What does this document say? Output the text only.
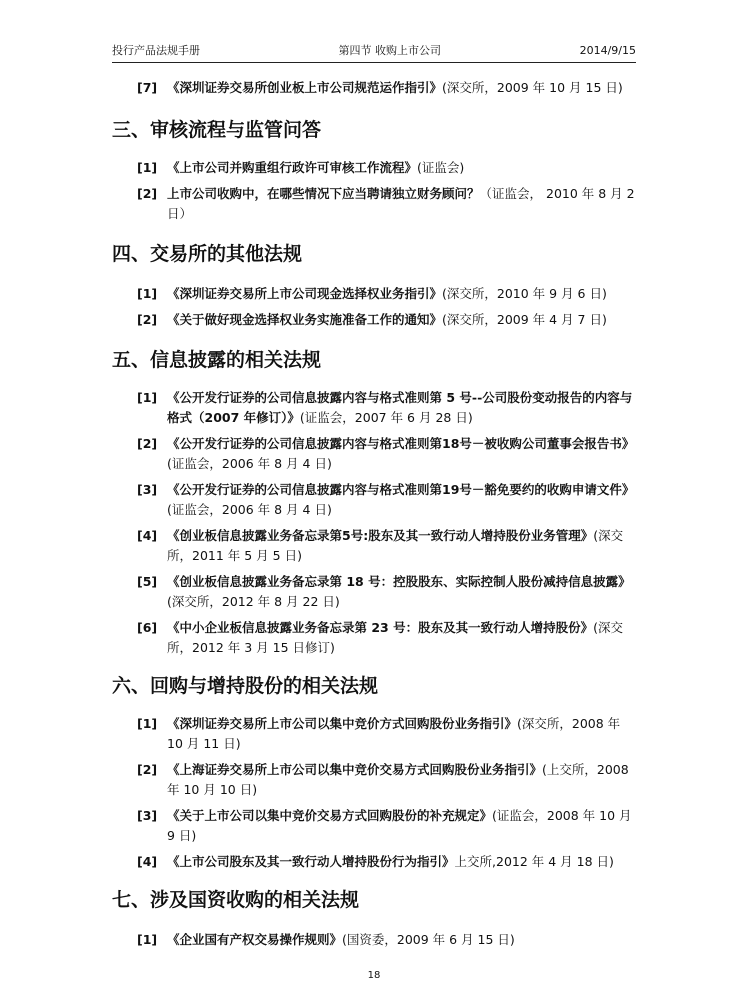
投行产品法规手册	第四节 收购上市公司	2014/9/15
[7] 《深圳证券交易所创业板上市公司规范运作指引》(深交所，2009 年 10 月 15 日)
三、审核流程与监管问答
[1] 《上市公司并购重组行政许可审核工作流程》(证监会)
[2] 上市公司收购中，在哪些情况下应当聘请独立财务顾问？（证监会， 2010 年 8 月 2 日）
四、交易所的其他法规
[1] 《深圳证券交易所上市公司现金选择权业务指引》(深交所，2010 年 9 月 6 日)
[2] 《关于做好现金选择权业务实施准备工作的通知》(深交所，2009 年 4 月 7 日)
五、信息披露的相关法规
[1] 《公开发行证券的公司信息披露内容与格式准则第 5 号--公司股份变动报告的内容与格式（2007 年修订）》(证监会，2007 年 6 月 28 日)
[2] 《公开发行证券的公司信息披露内容与格式准则第18号－被收购公司董事会报告书》(证监会，2006 年 8 月 4 日)
[3] 《公开发行证券的公司信息披露内容与格式准则第19号－豁免要约的收购申请文件》(证监会，2006 年 8 月 4 日)
[4] 《创业板信息披露业务备忘录第5号:股东及其一致行动人增持股份业务管理》(深交所，2011 年 5 月 5 日)
[5] 《创业板信息披露业务备忘录第 18 号：控股股东、实际控制人股份减持信息披露》(深交所，2012 年 8 月 22 日)
[6] 《中小企业板信息披露业务备忘录第 23 号：股东及其一致行动人增持股份》(深交所，2012 年 3 月 15 日修订)
六、回购与增持股份的相关法规
[1] 《深圳证券交易所上市公司以集中竞价方式回购股份业务指引》(深交所，2008 年 10 月 11 日)
[2] 《上海证券交易所上市公司以集中竞价交易方式回购股份业务指引》(上交所，2008 年 10 月 10 日)
[3] 《关于上市公司以集中竞价交易方式回购股份的补充规定》(证监会，2008 年 10 月 9 日)
[4] 《上市公司股东及其一致行动人增持股份行为指引》上交所,2012 年 4 月 18 日)
七、涉及国资收购的相关法规
[1] 《企业国有产权交易操作规则》(国资委，2009 年 6 月 15 日)
18
